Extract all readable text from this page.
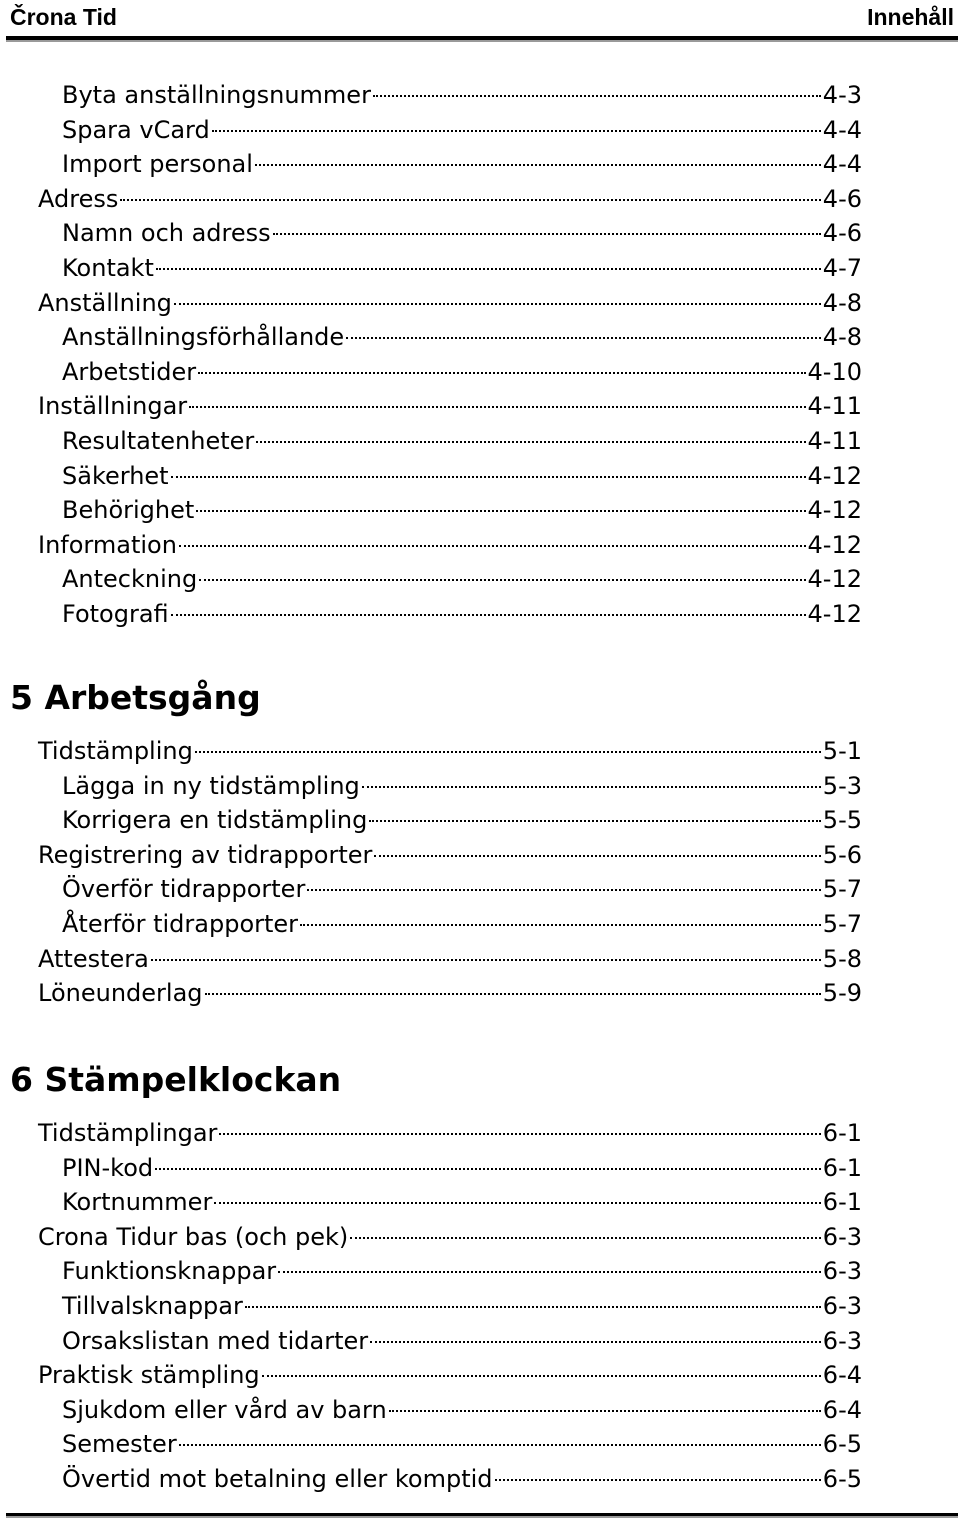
Črona Tid	Innehåll
5 Arbetsgång
6 Stämpelklockan
Byta anställningsnummer	4-3
Spara vCard	4-4
Import personal	4-4
Adress	4-6
Namn och adress	4-6
Kontakt	4-7
Anställning	4-8
Anställningsförhållande	4-8
Arbetstider	4-10
Inställningar	4-11
Resultatenheter	4-11
Säkerhet	4-12
Behörighet	4-12
Information	4-12
Anteckning	4-12
Fotografi	4-12
Tidstämpling	5-1
Lägga in ny tidstämpling	5-3
Korrigera en tidstämpling	5-5
Registrering av tidrapporter	5-6
Överför tidrapporter	5-7
Återför tidrapporter	5-7
Attestera	5-8
Löneunderlag	5-9
Tidstämplingar	6-1
PIN-kod	6-1
Kortnummer	6-1
Crona Tidur bas (och pek)	6-3
Funktionsknappar	6-3
Tillvalsknappar	6-3
Orsakslistan med tidarter	6-3
Praktisk stämpling	6-4
Sjukdom eller vård av barn	6-4
Semester	6-5
Övertid mot betalning eller komptid	6-5
